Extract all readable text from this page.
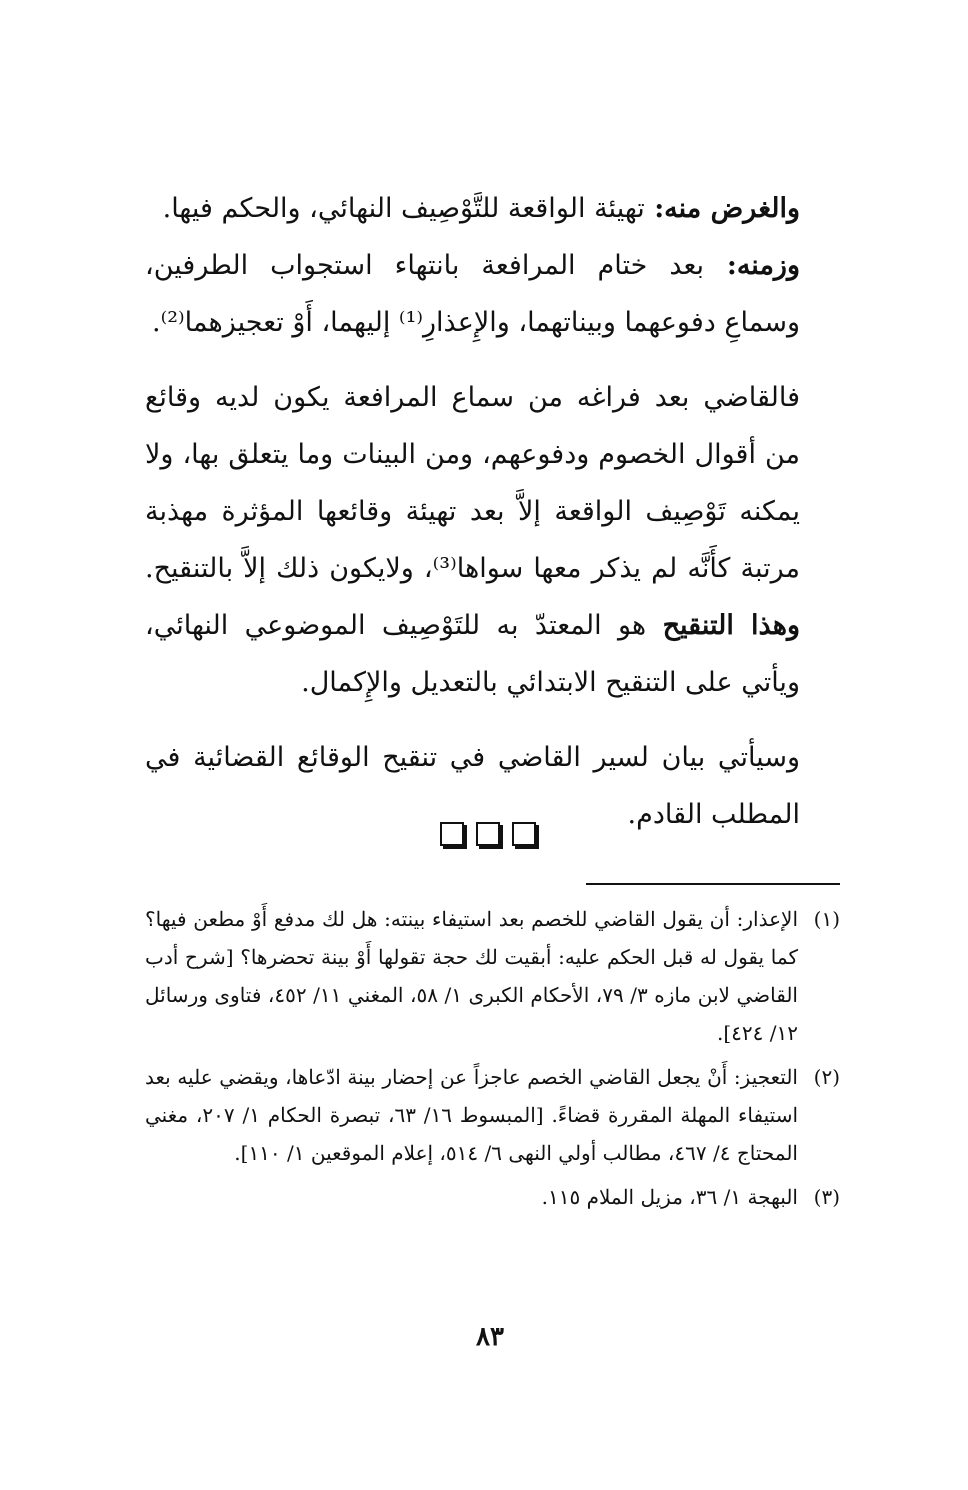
والغرض منه: تهيئة الواقعة للتَّوْصِيف النهائي، والحكم فيها.

وزمنه: بعد ختام المرافعة بانتهاء استجواب الطرفين، وسماعِ دفوعهما وبيناتهما، والإِعذارِ⁽¹⁾ إليهما، أَوْ تعجيزهما⁽²⁾.

فالقاضي بعد فراغه من سماع المرافعة يكون لديه وقائع من أقوال الخصوم ودفوعهم، ومن البينات وما يتعلق بها، ولا يمكنه تَوْصِيف الواقعة إلاَّ بعد تهيئة وقائعها المؤثرة مهذبة مرتبة كأَنَّه لم يذكر معها سواها⁽³⁾، ولايكون ذلك إلاَّ بالتنقيح. وهذا التنقيح هو المعتدّ به للتَوْصِيف الموضوعي النهائي، ويأتي على التنقيح الابتدائي بالتعديل والإِكمال.

وسيأتي بيان لسير القاضي في تنقيح الوقائع القضائية في المطلب القادم.

(١)
الإعذار: أن يقول القاضي للخصم بعد استيفاء بينته: هل لك مدفع أَوْ مطعن فيها؟ كما يقول له قبل الحكم عليه: أبقيت لك حجة تقولها أَوْ بينة تحضرها؟ [شرح أدب القاضي لابن مازه ٣/ ٧٩، الأحكام الكبرى ١/ ٥٨، المغني ١١/ ٤٥٢، فتاوى ورسائل ١٢/ ٤٢٤].
(٢)
التعجيز: أَنْ يجعل القاضي الخصم عاجزاً عن إحضار بينة ادّعاها، ويقضي عليه بعد استيفاء المهلة المقررة قضاءً. [المبسوط ١٦/ ٦٣، تبصرة الحكام ١/ ٢٠٧، مغني المحتاج ٤/ ٤٦٧، مطالب أولي النهى ٦/ ٥١٤، إعلام الموقعين ١/ ١١٠].
(٣)
البهجة ١/ ٣٦، مزيل الملام ١١٥.
٨٣
